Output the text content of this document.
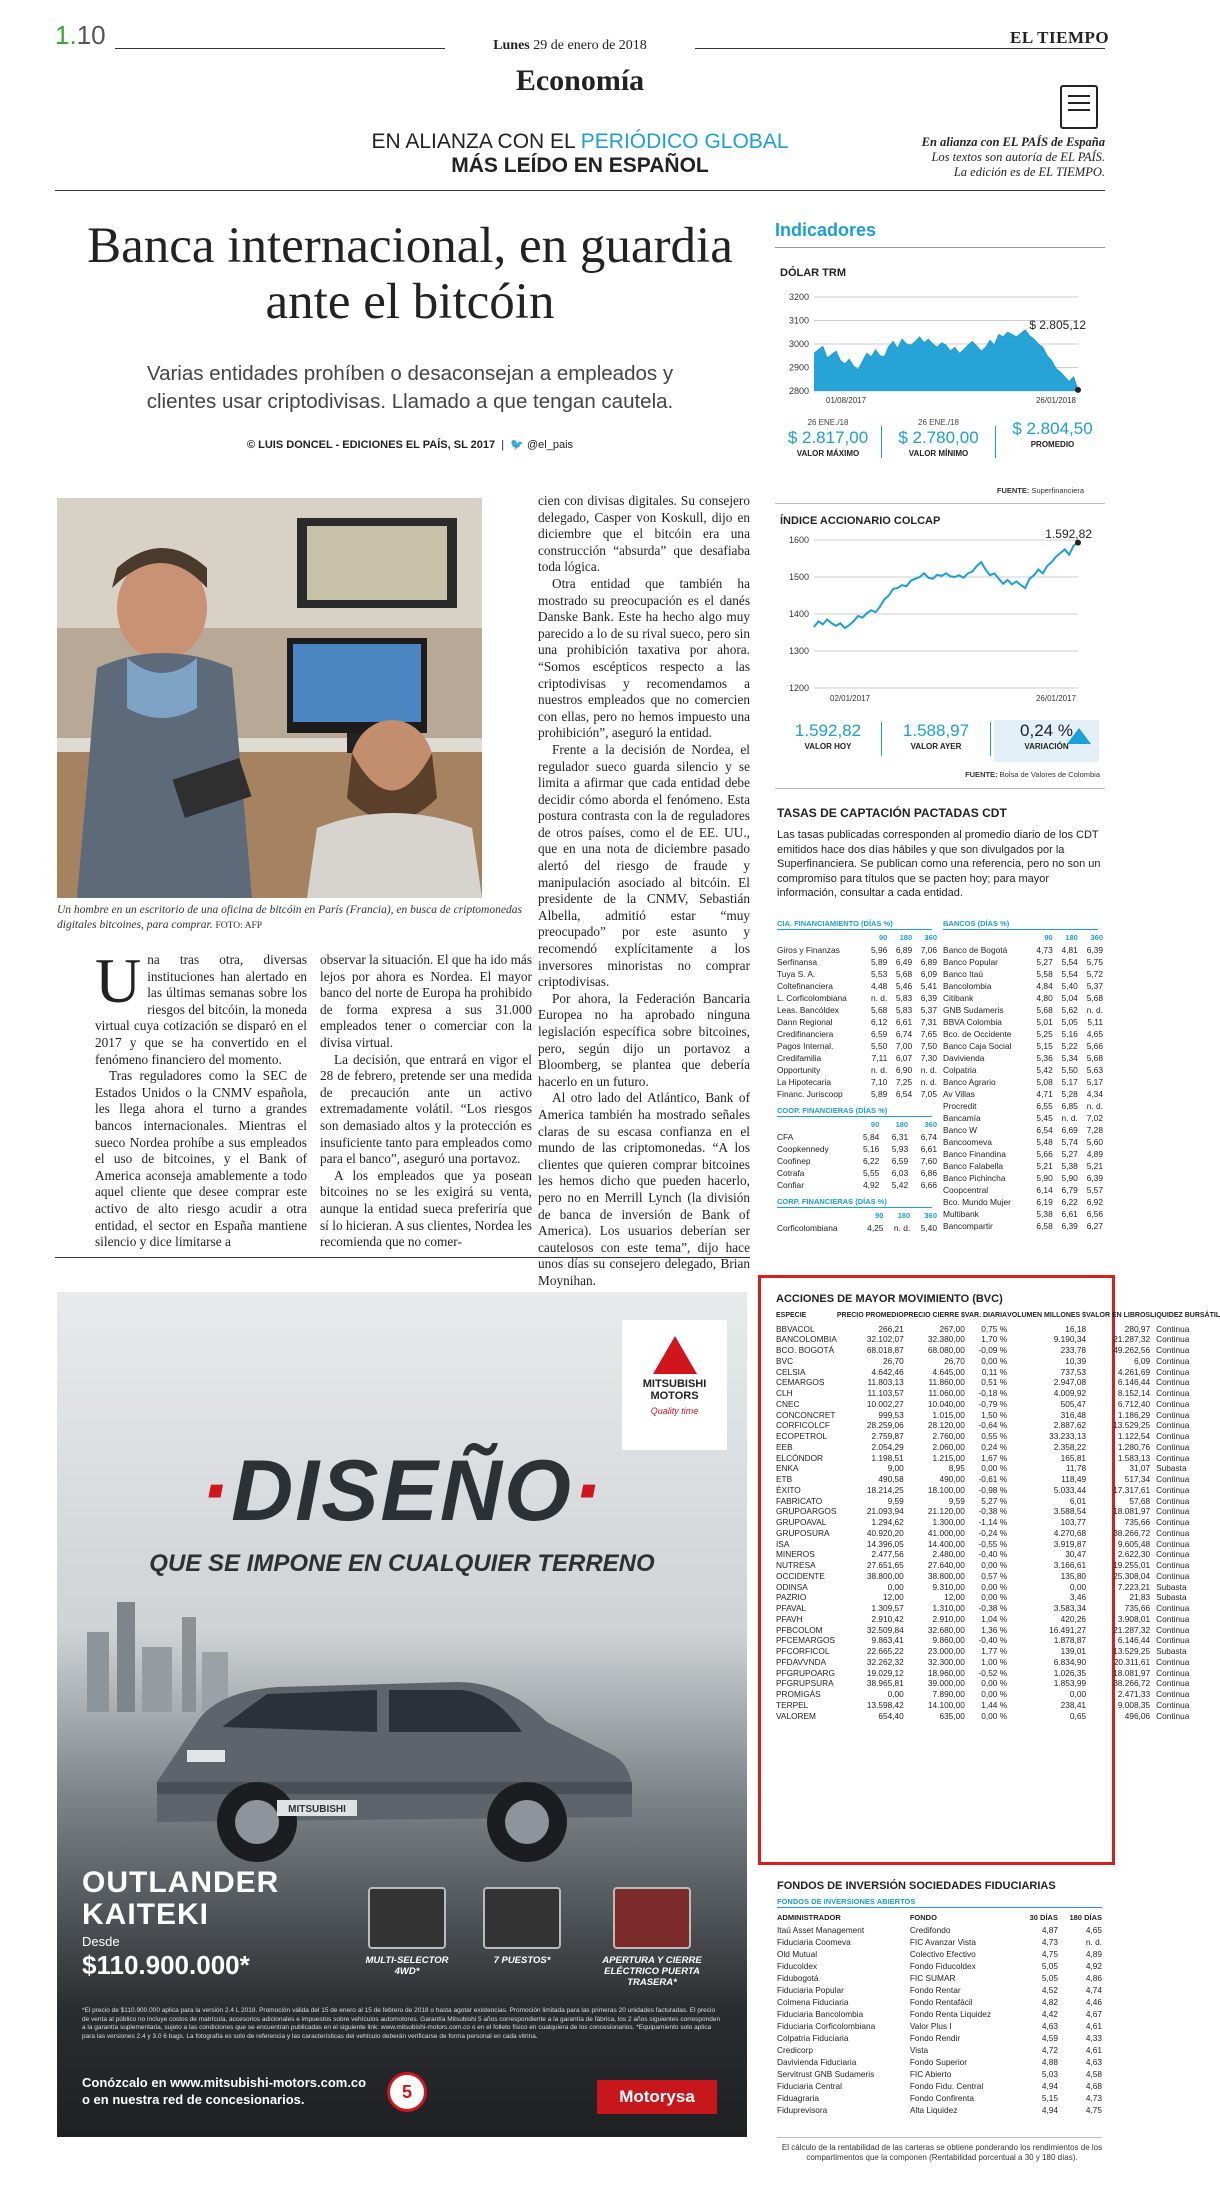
1.10	Lunes 29 de enero de 2018	EL TIEMPO
Economía
EN ALIANZA CON EL PERIÓDICO GLOBAL
MÁS LEÍDO EN ESPAÑOL
En alianza con EL PAÍS de España
Los textos son autoría de EL PAÍS.
La edición es de EL TIEMPO.
Banca internacional, en guardia ante el bitcóin
Varias entidades prohíben o desaconsejan a empleados y clientes usar criptodivisas. Llamado a que tengan cautela.
© LUIS DONCEL - EDICIONES EL PAÍS, SL 2017  |  🐦 @el_pais
Un hombre en un escritorio de una oficina de bitcóin en París (Francia), en busca de criptomonedas digitales bitcoines, para comprar. FOTO: AFP

Una tras otra, diversas instituciones han alertado en las últimas semanas sobre los riesgos del bitcóin, la moneda virtual cuya cotización se disparó en el 2017 y que se ha convertido en el fenómeno financiero del momento.

Tras reguladores como la SEC de Estados Unidos o la CNMV española, les llega ahora el turno a grandes bancos internacionales. Mientras el sueco Nordea prohíbe a sus empleados el uso de bitcoines, y el Bank of America aconseja amablemente a todo aquel cliente que desee comprar este activo de alto riesgo acudir a otra entidad, el sector en España mantiene silencio y dice limitarse a

observar la situación. El que ha ido más lejos por ahora es Nordea. El mayor banco del norte de Europa ha prohibido de forma expresa a sus 31.000 empleados tener o comerciar con la divisa virtual.

La decisión, que entrará en vigor el 28 de febrero, pretende ser una medida de precaución ante un activo extremadamente volátil. “Los riesgos son demasiado altos y la protección es insuficiente tanto para empleados como para el banco”, aseguró una portavoz.

A los empleados que ya posean bitcoines no se les exigirá su venta, aunque la entidad sueca preferiría que sí lo hicieran. A sus clientes, Nordea les recomienda que no comer-

cien con divisas digitales. Su consejero delegado, Casper von Koskull, dijo en diciembre que el bitcóin era una construcción “absurda” que desafiaba toda lógica.

Otra entidad que también ha mostrado su preocupación es el danés Danske Bank. Este ha hecho algo muy parecido a lo de su rival sueco, pero sin una prohibición taxativa por ahora. “Somos escépticos respecto a las criptodivisas y recomendamos a nuestros empleados que no comercien con ellas, pero no hemos impuesto una prohibición”, aseguró la entidad.

Frente a la decisión de Nordea, el regulador sueco guarda silencio y se limita a afirmar que cada entidad debe decidir cómo aborda el fenómeno. Esta postura contrasta con la de reguladores de otros países, como el de EE. UU., que en una nota de diciembre pasado alertó del riesgo de fraude y manipulación asociado al bitcóin. El presidente de la CNMV, Sebastián Albella, admitió estar “muy preocupado” por este asunto y recomendó explícitamente a los inversores minoristas no comprar criptodivisas.

Por ahora, la Federación Bancaria Europea no ha aprobado ninguna legislación específica sobre bitcoines, pero, según dijo un portavoz a Bloomberg, se plantea que debería hacerlo en un futuro.

Al otro lado del Atlántico, Bank of America también ha mostrado señales claras de su escasa confianza en el mundo de las criptomonedas. “A los clientes que quieren comprar bitcoines les hemos dicho que pueden hacerlo, pero no en Merrill Lynch (la división de banca de inversión de Bank of America). Los usuarios deberían ser cautelosos con este tema”, dijo hace unos días su consejero delegado, Brian Moynihan.

MITSUBISHI
MOTORS
Quality time
·DISEÑO·
QUE SE IMPONE EN CUALQUIER TERRENO
MITSUBISHI
OUTLANDER
KAITEKI
Desde
$110.900.000*	MULTI-SELECTOR 4WD*
7 PUESTOS*	APERTURA Y CIERRE ELÉCTRICO PUERTA TRASERA*
*El precio de $110.900.000 aplica para la versión 2.4 L 2018. Promoción válida del 15 de enero al 15 de febrero de 2018 o hasta agotar existencias. Promoción limitada para las primeras 20 unidades facturadas. El precio de venta al público no incluye costos de matrícula, accesorios adicionales e impuestos sobre vehículos automotores. Garantía Mitsubishi 5 años correspondiente a la garantía de fábrica, los 2 años siguientes corresponden a la garantía suplementaria, sujeto a las condiciones que se encuentran publicadas en el siguiente link: www.mitsubishi-motors.com.co o en el folleto físico en cualquiera de los concesionarios. *Equipamiento solo aplica para las versiones 2.4 y 3.0 6 bags. La fotografía es solo de referencia y las características del vehículo deberán verificarse de forma personal en cada vitrina.
Conózcalo en www.mitsubishi-motors.com.co
o en nuestra red de concesionarios.	5	Motorysa
Indicadores
DÓLAR TRM
3200
3100
3000
2900
2800
$ 2.805,12
01/08/2017	26/01/2018
26 ENE./18
$ 2.817,00
VALOR MÁXIMO
26 ENE./18
$ 2.780,00
VALOR MÍNIMO
$ 2.804,50
PROMEDIO
FUENTE: Superfinanciera
ÍNDICE ACCIONARIO COLCAP
1600
1500
1400
1300
1200
1.592,82
02/01/2017	26/01/2017
1.592,82
VALOR HOY
1.588,97
VALOR AYER
0,24 %
VARIACIÓN
FUENTE: Bolsa de Valores de Colombia
TASAS DE CAPTACIÓN PACTADAS CDT
Las tasas publicadas corresponden al promedio diario de los CDT emitidos hace dos días hábiles y que son divulgados por la Superfinanciera. Se publican como una referencia, pero no son un compromiso para títulos que se pacten hoy; para mayor información, consultar a cada entidad.
CIA. FINANCIAMIENTO (DÍAS %)
	90	180	360
Giros y Finanzas	5,96	6,89	7,06
Serfinansa	5,89	6,49	6,89
Tuya S. A.	5,53	5,68	6,09
Coltefinanciera	4,48	5,46	5,41
L. Corficolombiana	n. d.	5,83	6,39
Leas. Bancóldex	5,68	5,83	5,37
Dann Regional	6,12	6,61	7,31
Credifinanciera	6,59	6,74	7,65
Pagos Internal.	5,50	7,00	7,50
Credifamilia	7,11	6,07	7,30
Opportunity	n. d.	6,90	n. d.
La Hipotecaria	7,10	7,25	n. d.
Financ. Juriscoop	5,89	6,54	7,05
COOP. FINANCIERAS (DÍAS %)
	90	180	360
CFA	5,84	6,31	6,74
Coopkennedy	5,16	5,93	6,61
Coofinep	6,22	6,59	7,60
Cotrafa	5,55	6,03	6,86
Confiar	4,92	5,42	6,66
CORP. FINANCIERAS (DÍAS %)
	90	180	360
Corficolombiana	4,25	n. d.	5,40
BANCOS (DÍAS %)
	90	180	360
Banco de Bogotá	4,73	4,81	6,39
Banco Popular	5,27	5,54	5,75
Banco Itaú	5,58	5,54	5,72
Bancolombia	4,84	5,40	5,37
Citibank	4,80	5,04	5,68
GNB Sudameris	5,68	5,62	n. d.
BBVA Colombia	5,01	5,05	5,11
Bco. de Occidente	5,25	5,16	4,65
Banco Caja Social	5,15	5,22	5,66
Davivienda	5,36	5,34	5,68
Colpatria	5,42	5,50	5,63
Banco Agrario	5,08	5,17	5,17
Av Villas	4,71	5,28	4,34
Procredit	6,55	6,85	n. d.
Bancamía	5,45	n. d.	7,02
Banco W	6,54	6,69	7,28
Bancoomeva	5,48	5,74	5,60
Banco Finandina	5,66	5,27	4,89
Banco Falabella	5,21	5,38	5,21
Banco Pichincha	5,90	5,90	6,39
Coopcentral	6,14	6,79	5,57
Bco. Mundo Mujer	6,19	6,22	6,92
Multibank	5,38	6,61	6,56
Bancompartir	6,58	6,39	6,27
ACCIONES DE MAYOR MOVIMIENTO (BVC)
ESPECIE	PRECIO PROMEDIO	PRECIO CIERRE $	VAR. DIARIA	VOLUMEN MILLONES $	VALOR EN LIBROS	LIQUIDEZ BURSÁTIL
BBVACOL	266,21	267,00	0,75 %	16,18	280,97	Continua
BANCOLOMBIA	32.102,07	32.380,00	1,70 %	9.190,34	21.287,32	Continua
BCO. BOGOTÁ	68.018,87	68.080,00	-0,09 %	233,78	49.262,56	Continua
BVC	26,70	26,70	0,00 %	10,39	6,09	Continua
CELSIA	4.642,46	4.645,00	0,11 %	737,53	4.261,69	Continua
CEMARGOS	11.803,13	11.860,00	0,51 %	2.947,08	6.146,44	Continua
CLH	11.103,57	11.060,00	-0,18 %	4.009,92	8.152,14	Continua
CNEC	10.002,27	10.040,00	-0,79 %	505,47	6.712,40	Continua
CONCONCRET	999,53	1.015,00	1,50 %	316,48	1.186,29	Continua
CORFICOLCF	28.259,06	28.120,00	-0,64 %	2.887,62	13.529,25	Continua
ECOPETROL	2.759,87	2.760,00	0,55 %	33.233,13	1.122,54	Continua
EEB	2.054,29	2.060,00	0,24 %	2.358,22	1.280,76	Continua
ELCÓNDOR	1.198,51	1.215,00	1,67 %	165,81	1.583,13	Continua
ENKA	9,00	8,95	0,00 %	11,78	31,07	Subasta
ETB	490,58	490,00	-0,61 %	118,49	517,34	Continua
ÉXITO	18.214,25	18.100,00	-0,98 %	5.033,44	17.317,61	Continua
FABRICATO	9,59	9,59	5,27 %	6,01	57,68	Continua
GRUPOARGOS	21.093,94	21.120,00	-0,38 %	3.588,54	18.081,97	Continua
GRUPOAVAL	1.294,62	1.300,00	-1,14 %	103,77	735,66	Continua
GRUPOSURA	40.920,20	41.000,00	-0,24 %	4.270,68	38.266,72	Continua
ISA	14.396,05	14.400,00	-0,55 %	3.919,87	9.605,48	Continua
MINEROS	2.477,56	2.480,00	-0,40 %	30,47	2.622,30	Continua
NUTRESA	27.651,65	27.640,00	0,00 %	3.166,61	19.255,01	Continua
OCCIDENTE	38.800,00	38.800,00	0,57 %	135,80	25.308,04	Continua
ODINSA	0,00	9.310,00	0,00 %	0,00	7.223,21	Subasta
PAZRIO	12,00	12,00	0,00 %	3,46	21,83	Subasta
PFAVAL	1.309,57	1.310,00	-0,38 %	3.583,34	735,66	Continua
PFAVH	2.910,42	2.910,00	1,04 %	420,26	3.908,01	Continua
PFBCOLOM	32.509,84	32.680,00	1,36 %	16.491,27	21.287,32	Continua
PFCEMARGOS	9.863,41	9.860,00	-0,40 %	1.878,87	6.146,44	Continua
PFCORFICOL	22.665,22	23.000,00	1,77 %	139,01	13.529,25	Subasta
PFDAVVNDA	32.262,32	32.300,00	1,00 %	6.834,90	20.311,61	Continua
PFGRUPOARG	19.029,12	18.960,00	-0,52 %	1.026,35	18.081,97	Continua
PFGRUPSURA	38.965,81	39.000,00	0,00 %	1.853,99	38.266,72	Continua
PROMIGÁS	0,00	7.890,00	0,00 %	0,00	2.471,33	Continua
TERPEL	13.598,42	14.100,00	1,44 %	238,41	9.008,35	Continua
VALOREM	654,40	635,00	0,00 %	0,65	496,06	Continua
FONDOS DE INVERSIÓN SOCIEDADES FIDUCIARIAS
FONDOS DE INVERSIONES ABIERTOS
ADMINISTRADOR	FONDO	30 DÍAS	180 DÍAS
Itaú Asset Management	Credifondo	4,87	4,65
Fiduciaria Coomeva	FIC Avanzar Vista	4,73	n. d.
Old Mutual	Colectivo Efectivo	4,75	4,89
Fiducoldex	Fondo Fiducoldex	5,05	4,92
Fidubogotá	FIC SUMAR	5,05	4,86
Fiduciaria Popular	Fondo Rentar	4,52	4,74
Colmena Fiduciaria	Fondo Rentafácil	4,82	4,46
Fiduciaria Bancolombia	Fondo Renta Liquidez	4,42	4,67
Fiduciaria Corficolombiana	Valor Plus I	4,63	4,61
Colpatria Fiduciaria	Fondo Rendir	4,59	4,33
Credicorp	Vista	4,72	4,61
Davivienda Fiduciaria	Fondo Superior	4,88	4,63
Servitrust GNB Sudameris	FIC Abierto	5,03	4,58
Fiduciaria Central	Fondo Fidu. Central	4,94	4,68
Fiduagraria	Fondo Confirenta	5,15	4,73
Fiduprevisora	Alta Liquidez	4,94	4,75
El cálculo de la rentabilidad de las carteras se obtiene ponderando los rendimientos de los compartimentos que la componen (Rentabilidad porcentual a 30 y 180 días).
